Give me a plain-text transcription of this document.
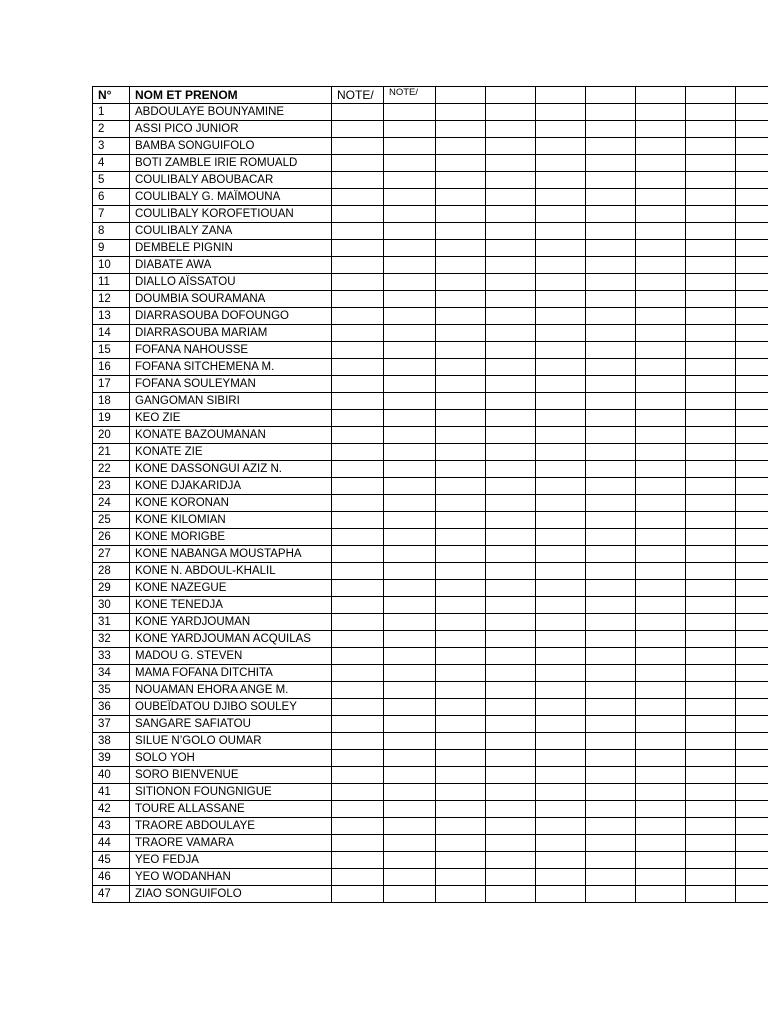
N°	NOM ET PRENOM	NOTE/	NOTE/							
1	ABDOULAYE BOUNYAMINE									
2	ASSI PICO JUNIOR									
3	BAMBA SONGUIFOLO									
4	BOTI ZAMBLE IRIE ROMUALD									
5	COULIBALY ABOUBACAR									
6	COULIBALY G. MAÏMOUNA									
7	COULIBALY KOROFETIOUAN									
8	COULIBALY ZANA									
9	DEMBELE PIGNIN									
10	DIABATE AWA									
11	DIALLO AÏSSATOU									
12	DOUMBIA SOURAMANA									
13	DIARRASOUBA DOFOUNGO									
14	DIARRASOUBA MARIAM									
15	FOFANA NAHOUSSE									
16	FOFANA SITCHEMENA M.									
17	FOFANA SOULEYMAN									
18	GANGOMAN SIBIRI									
19	KEO ZIE									
20	KONATE BAZOUMANAN									
21	KONATE ZIE									
22	KONE DASSONGUI AZIZ N.									
23	KONE DJAKARIDJA									
24	KONE KORONAN									
25	KONE KILOMIAN									
26	KONE MORIGBE									
27	KONE NABANGA MOUSTAPHA									
28	KONE N. ABDOUL-KHALIL									
29	KONE NAZEGUE									
30	KONE TENEDJA									
31	KONE YARDJOUMAN									
32	KONE YARDJOUMAN ACQUILAS									
33	MADOU G. STEVEN									
34	MAMA FOFANA DITCHITA									
35	NOUAMAN EHORA ANGE M.									
36	OUBEÏDATOU DJIBO SOULEY									
37	SANGARE SAFIATOU									
38	SILUE N’GOLO OUMAR									
39	SOLO YOH									
40	SORO BIENVENUE									
41	SITIONON FOUNGNIGUE									
42	TOURE ALLASSANE									
43	TRAORE ABDOULAYE									
44	TRAORE VAMARA									
45	YEO FEDJA									
46	YEO WODANHAN									
47	ZIAO SONGUIFOLO									
